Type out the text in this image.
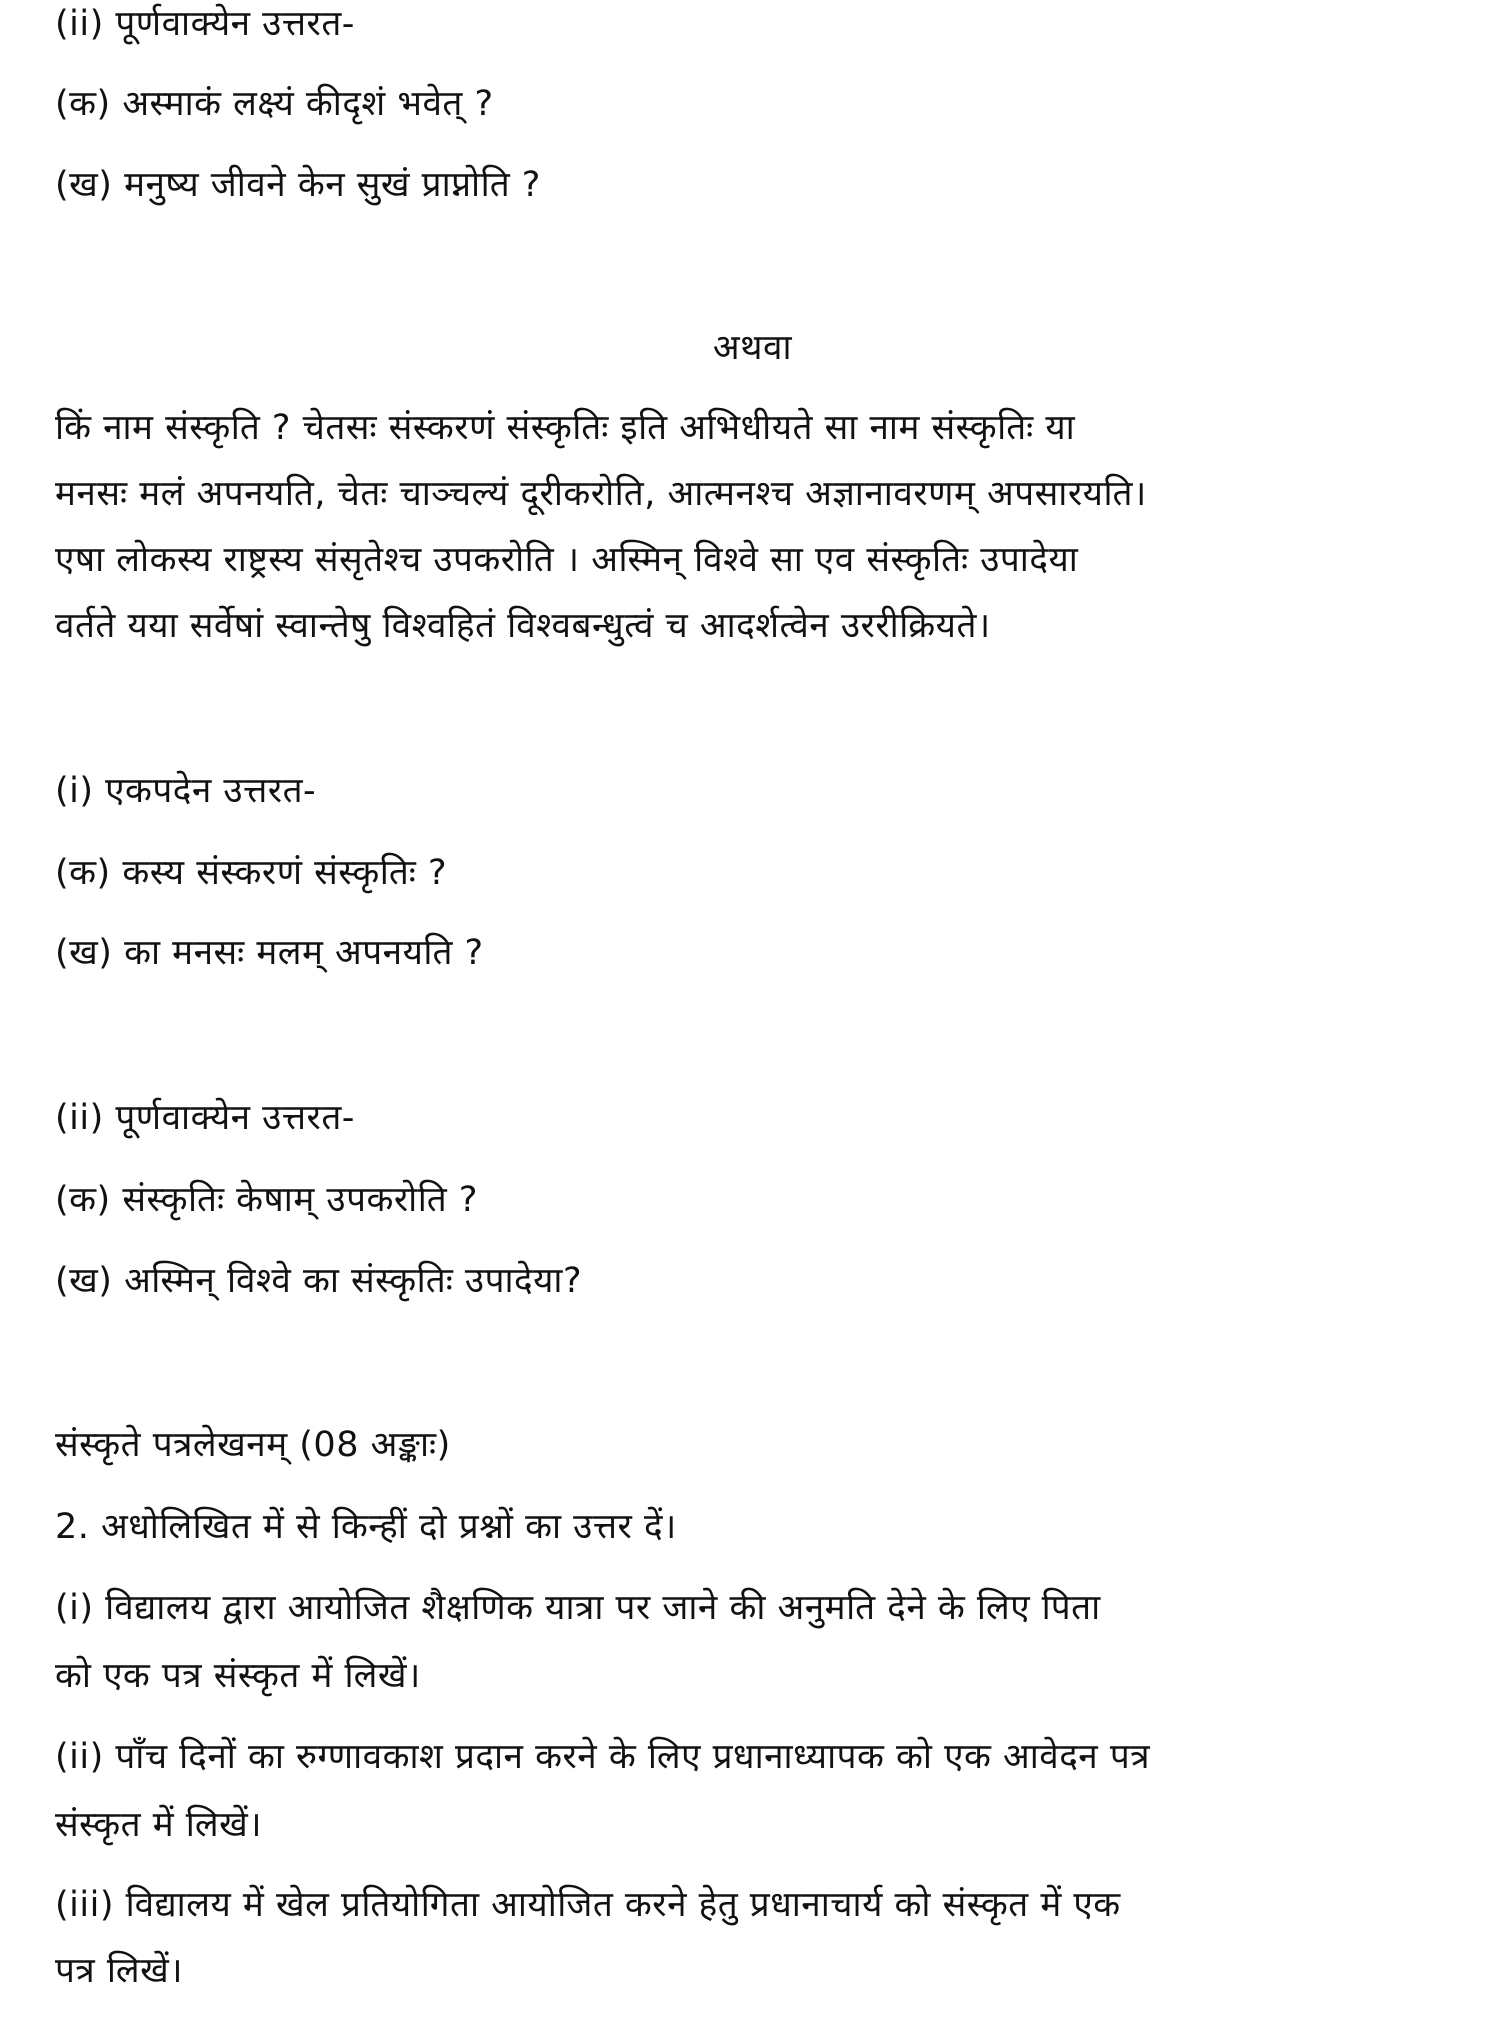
(ii) पूर्णवाक्येन उत्तरत-
(क) अस्माकं लक्ष्यं कीदृशं भवेत् ?
(ख) मनुष्य जीवने केन सुखं प्राप्नोति ?
अथवा
किं नाम संस्कृति ? चेतसः संस्करणं संस्कृतिः इति अभिधीयते सा नाम संस्कृतिः या
मनसः मलं अपनयति, चेतः चाञ्चल्यं दूरीकरोति, आत्मनश्च अज्ञानावरणम् अपसारयति।
एषा लोकस्य राष्ट्रस्य संसृतेश्च उपकरोति । अस्मिन् विश्वे सा एव संस्कृतिः उपादेया
वर्तते यया सर्वेषां स्वान्तेषु विश्वहितं विश्वबन्धुत्वं च आदर्शत्वेन उररीक्रियते।
(i) एकपदेन उत्तरत-
(क) कस्य संस्करणं संस्कृतिः ?
(ख) का मनसः मलम् अपनयति ?
(ii) पूर्णवाक्येन उत्तरत-
(क) संस्कृतिः केषाम् उपकरोति ?
(ख) अस्मिन् विश्वे का संस्कृतिः उपादेया?
संस्कृते पत्रलेखनम् (08 अङ्काः)
2. अधोलिखित में से किन्हीं दो प्रश्नों का उत्तर दें।
(i) विद्यालय द्वारा आयोजित शैक्षणिक यात्रा पर जाने की अनुमति देने के लिए पिता
को एक पत्र संस्कृत में लिखें।
(ii) पाँच दिनों का रुग्णावकाश प्रदान करने के लिए प्रधानाध्यापक को एक आवेदन पत्र
संस्कृत में लिखें।
(iii) विद्यालय में खेल प्रतियोगिता आयोजित करने हेतु प्रधानाचार्य को संस्कृत में एक
पत्र लिखें।
